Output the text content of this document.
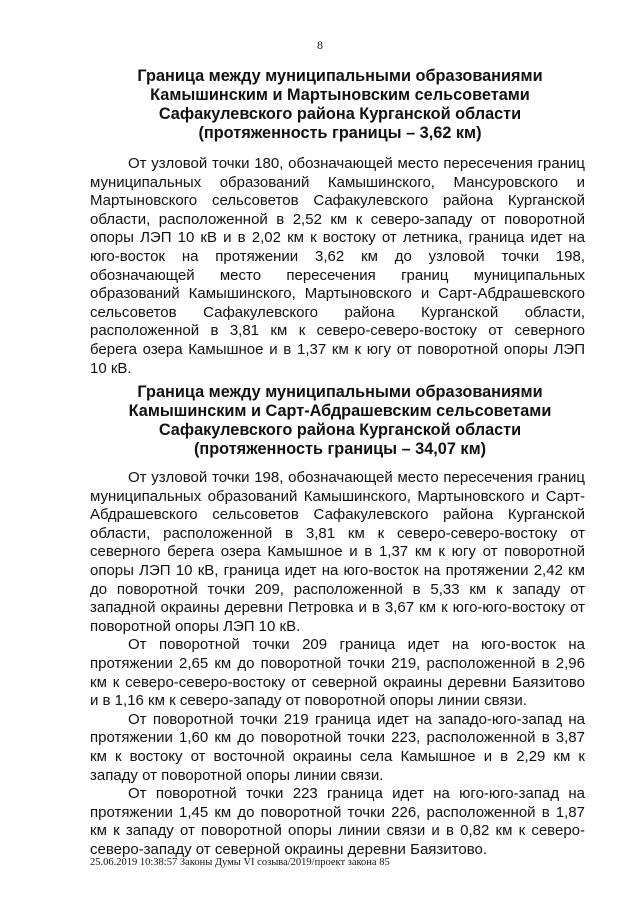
8
Граница между муниципальными образованиями
Камышинским и Мартыновским сельсоветами
Сафакулевского района Курганской области
(протяженность границы – 3,62 км)

От узловой точки 180, обозначающей место пересечения границ муниципальных образований Камышинского, Мансуровского и Мартыновского сельсоветов Сафакулевского района Курганской области, расположенной в 2,52 км к северо-западу от поворотной опоры ЛЭП 10 кВ и в 2,02 км к востоку от летника, граница идет на юго-восток на протяжении 3,62 км до узловой точки 198, обозначающей место пересечения границ муниципальных образований Камышинского, Мартыновского и Сарт-Абдрашевского сельсоветов Сафакулевского района Курганской области, расположенной в 3,81 км к северо-северо-востоку от северного берега озера Камышное и в 1,37 км к югу от поворотной опоры ЛЭП 10 кВ.

Граница между муниципальными образованиями
Камышинским и Сарт-Абдрашевским сельсоветами
Сафакулевского района Курганской области
(протяженность границы – 34,07 км)

От узловой точки 198, обозначающей место пересечения границ муниципальных образований Камышинского, Мартыновского и Сарт-Абдрашевского сельсоветов Сафакулевского района Курганской области, расположенной в 3,81 км к северо-северо-востоку от северного берега озера Камышное и в 1,37 км к югу от поворотной опоры ЛЭП 10 кВ, граница идет на юго-восток на протяжении 2,42 км до поворотной точки 209, расположенной в 5,33 км к западу от западной окраины деревни Петровка и в 3,67 км к юго-юго-востоку от поворотной опоры ЛЭП 10 кВ.

От поворотной точки 209 граница идет на юго-восток на протяжении 2,65 км до поворотной точки 219, расположенной в 2,96 км к северо-северо-востоку от северной окраины деревни Баязитово и в 1,16 км к северо-западу от поворотной опоры линии связи.

От поворотной точки 219 граница идет на западо-юго-запад на протяжении 1,60 км до поворотной точки 223, расположенной в 3,87 км к востоку от восточной окраины села Камышное и в 2,29 км к западу от поворотной опоры линии связи.

От поворотной точки 223 граница идет на юго-юго-запад на протяжении 1,45 км до поворотной точки 226, расположенной в 1,87 км к западу от поворотной опоры линии связи и в 0,82 км к северо-северо-западу от северной окраины деревни Баязитово.

25.06.2019 10:38:57 Законы Думы VI созыва/2019/проект закона 85
